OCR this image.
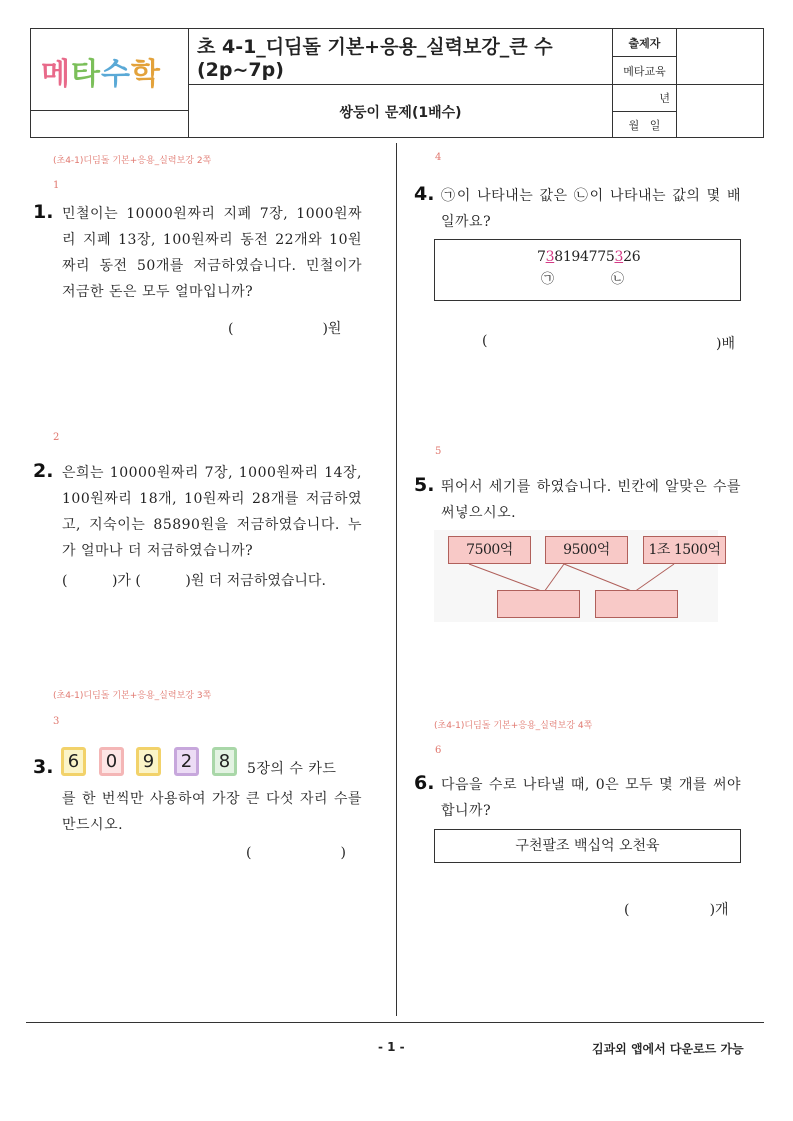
메타수학
초 4-1_디딤돌 기본+응용_실력보강_큰 수(2p~7p)
쌍둥이 문제(1배수)
출제자
메타교육
년
월   일
(초4-1)디딤돌 기본+응용_실력보강 2쪽
1
1. 민철이는 10000원짜리 지폐 7장, 1000원짜리 지폐 13장, 100원짜리 동전 22개와 10원짜리 동전 50개를 저금하였습니다. 민철이가 저금한 돈은 모두 얼마입니까?
(                    )원
2
2. 은희는 10000원짜리 7장, 1000원짜리 14장, 100원짜리 18개, 10원짜리 28개를 저금하였고, 지숙이는 85890원을 저금하였습니다. 누가 얼마나 더 저금하였습니까?
(          )가 (          )원 더 저금하였습니다.
(초4-1)디딤돌 기본+응용_실력보강 3쪽
3
3. 6	0	9	2	8	5장의 수 카드
를 한 번씩만 사용하여 가장 큰 다섯 자리 수를 만드시오.
(                    )
4
4. ㉠이 나타내는 값은 ㉡이 나타내는 값의 몇 배일까요?
738194775326
㉠	㉡
(	)배
5
5. 뛰어서 세기를 하였습니다. 빈칸에 알맞은 수를 써넣으시오.
7500억	9500억	1조 1500억
(초4-1)디딤돌 기본+응용_실력보강 4쪽
6
6. 다음을 수로 나타낼 때, 0은 모두 몇 개를 써야 합니까?
구천팔조 백십억 오천육
(                  )개
- 1 -	김과외 앱에서 다운로드 가능
